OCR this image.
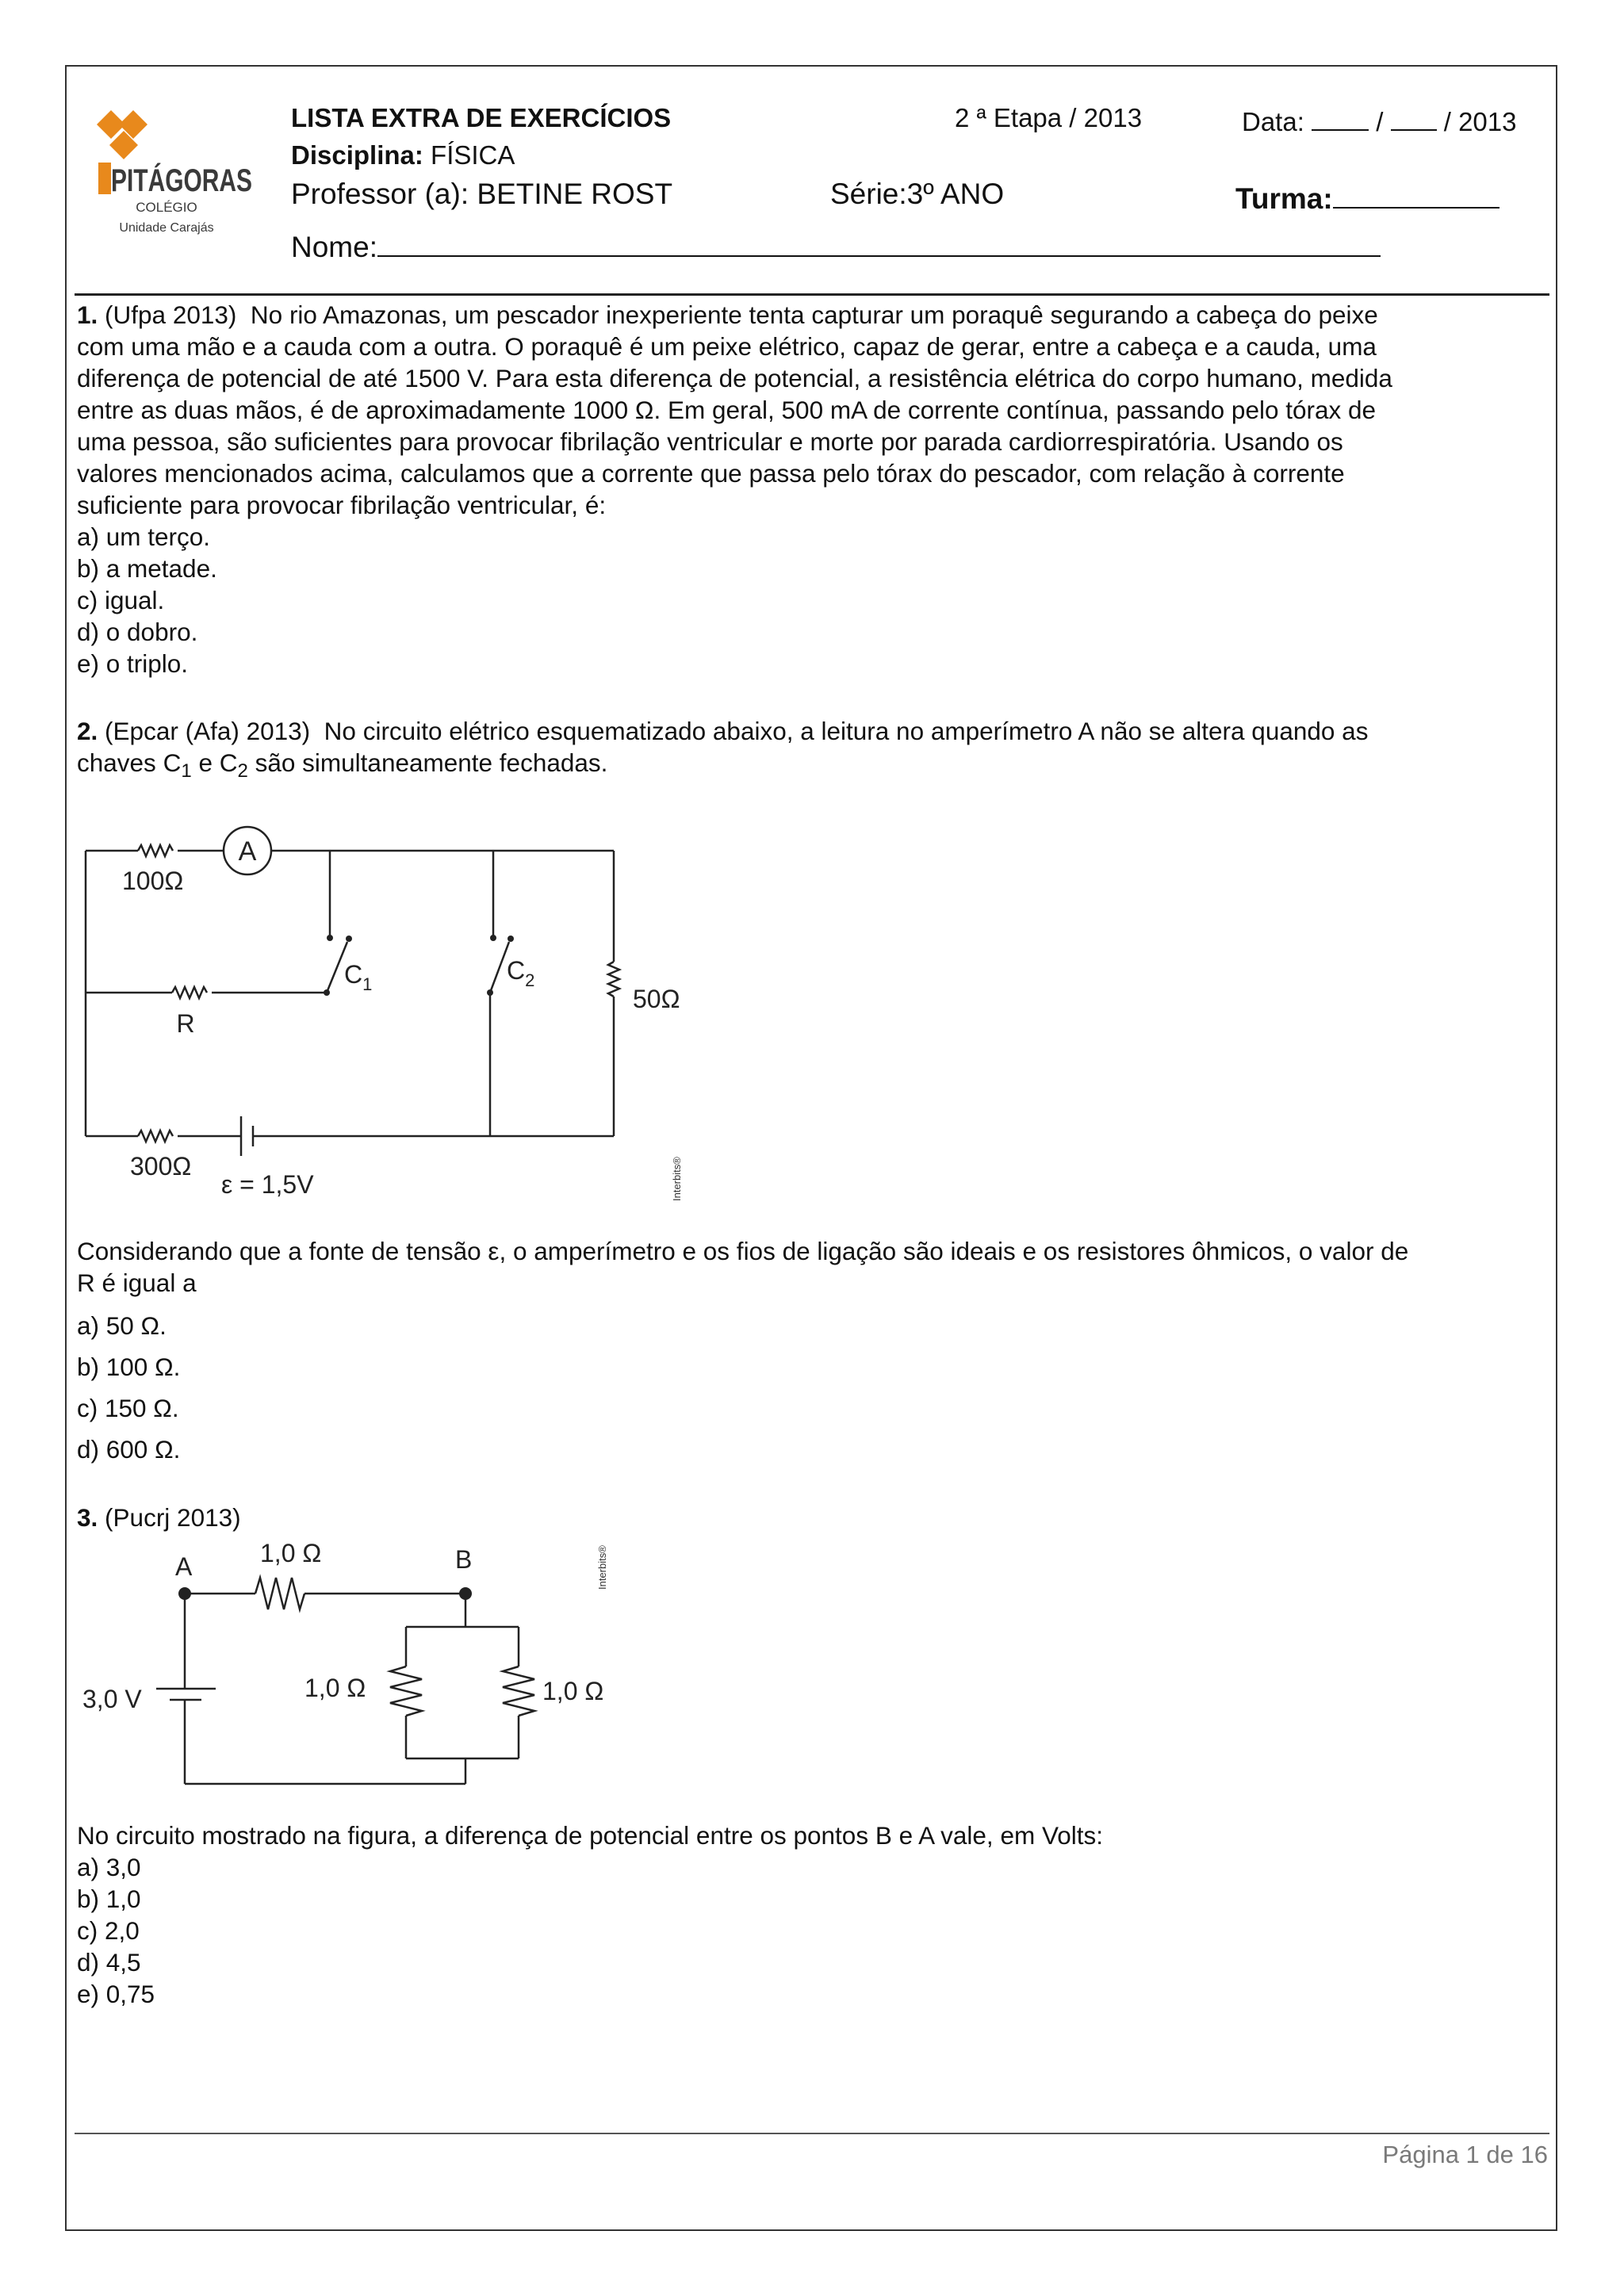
PITÁGORAS
COLÉGIO
Unidade Carajás
LISTA EXTRA DE EXERCÍCIOS
Disciplina: FÍSICA
Professor (a): BETINE ROST
2 ª Etapa / 2013	Data:	/ / 2013
Série:3º ANO	Turma:
Nome:

1. (Ufpa 2013) No rio Amazonas, um pescador inexperiente tenta capturar um poraquê segurando a cabeça do peixe

com uma mão e a cauda com a outra. O poraquê é um peixe elétrico, capaz de gerar, entre a cabeça e a cauda, uma

diferença de potencial de até 1500 V. Para esta diferença de potencial, a resistência elétrica do corpo humano, medida

entre as duas mãos, é de aproximadamente 1000 Ω. Em geral, 500 mA de corrente contínua, passando pelo tórax de

uma pessoa, são suficientes para provocar fibrilação ventricular e morte por parada cardiorrespiratória. Usando os

valores mencionados acima, calculamos que a corrente que passa pelo tórax do pescador, com relação à corrente

suficiente para provocar fibrilação ventricular, é:

a) um terço.
b) a metade.
c) igual.
d) o dobro.
e) o triplo.

2. (Epcar (Afa) 2013) No circuito elétrico esquematizado abaixo, a leitura no amperímetro A não se altera quando as

chaves $C_1$ e $C_2$ são simultaneamente fechadas.

100Ω
A
R
$C_1$	$C_2$
50Ω
300Ω
ε = 1,5V	Interbits®

Considerando que a fonte de tensão ε, o amperímetro e os fios de ligação são ideais e os resistores ôhmicos, o valor de

R é igual a

a) 50 Ω.
b) 100 Ω.
c) 150 Ω.
d) 600 Ω.

3. (Pucrj 2013)

A	B
1,0 Ω
1,0 Ω	1,0 Ω
3,0 V
Interbits®

No circuito mostrado na figura, a diferença de potencial entre os pontos B e A vale, em Volts:

a) 3,0
b) 1,0
c) 2,0
d) 4,5
e) 0,75
Página 1 de 16
